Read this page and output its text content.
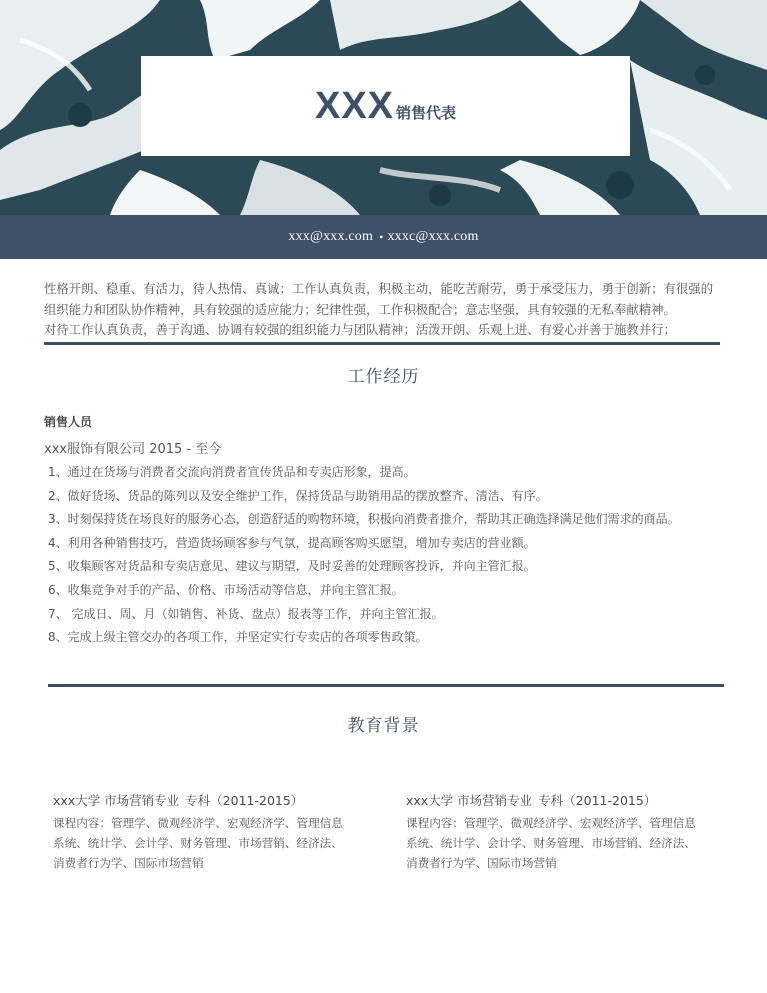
XXX 销售代表
xxx@xxx.com • xxxc@xxx.com
性格开朗、稳重、有活力，待人热情、真诚；工作认真负责，积极主动，能吃苦耐劳，勇于承受压力，勇于创新；有很强的
组织能力和团队协作精神，具有较强的适应能力；纪律性强，工作积极配合；意志坚强，具有较强的无私奉献精神。
对待工作认真负责，善于沟通、协调有较强的组织能力与团队精神；活泼开朗、乐观上进、有爱心并善于施教并行；
工作经历
销售人员
xxx服饰有限公司 2015 - 至今
1、通过在货场与消费者交流向消费者宣传货品和专卖店形象，提高。
2、做好货场、货品的陈列以及安全维护工作，保持货品与助销用品的摆放整齐、清洁、有序。
3、时刻保持货在场良好的服务心态，创造舒适的购物环境，积极向消费者推介，帮助其正确选择满足他们需求的商品。
4、利用各种销售技巧，营造货场顾客参与气氛，提高顾客购买愿望，增加专卖店的营业额。
5、收集顾客对货品和专卖店意见、建议与期望，及时妥善的处理顾客投诉，并向主管汇报。
6、收集竞争对手的产品、价格、市场活动等信息，并向主管汇报。
7、 完成日、周、月（如销售、补货、盘点）报表等工作，并向主管汇报。
8、完成上级主管交办的各项工作，并坚定实行专卖店的各项零售政策。
教育背景
xxx大学 市场营销专业 专科（2011-2015）
课程内容：管理学、微观经济学、宏观经济学、管理信息系统、统计学、会计学、财务管理、市场营销、经济法、消费者行为学、国际市场营销
xxx大学 市场营销专业 专科（2011-2015）
课程内容：管理学、微观经济学、宏观经济学、管理信息系统、统计学、会计学、财务管理、市场营销、经济法、消费者行为学、国际市场营销
